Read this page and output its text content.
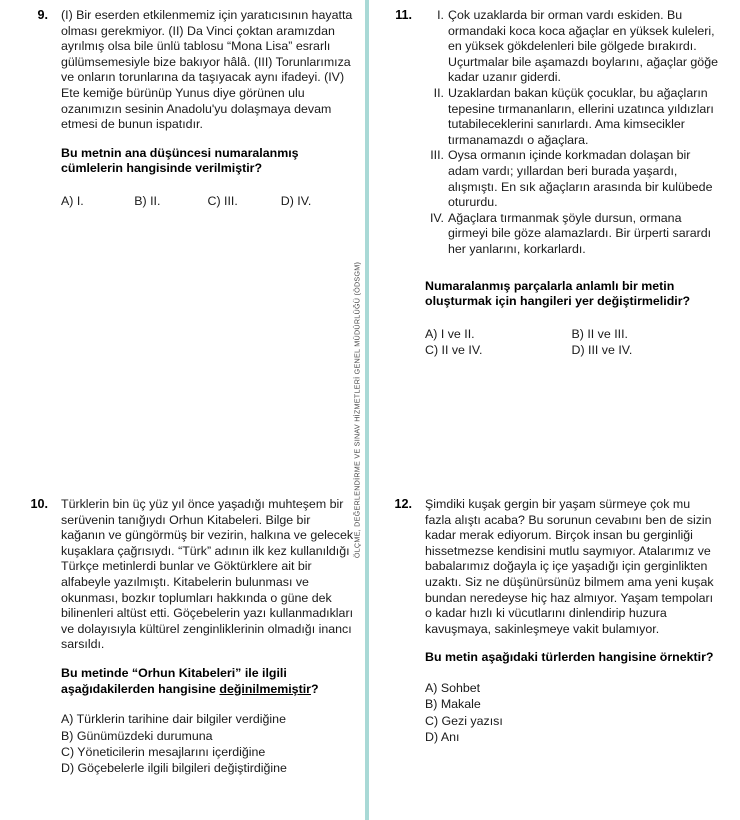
ÖLÇME, DEĞERLENDİRME VE SINAV HİZMETLERİ GENEL MÜDÜRLÜĞÜ (ÖDSGM)
9. (I) Bir eserden etkilenmemiz için yaratıcısının hayatta olması gerekmiyor. (II) Da Vinci çoktan aramızdan ayrılmış olsa bile ünlü tablosu “Mona Lisa” esrarlı gülümsemesiyle bize bakıyor hâlâ. (III) Torunlarımıza ve onların torunlarına da taşıyacak aynı ifadeyi. (IV) Ete kemiğe bürünüp Yunus diye görünen ulu ozanımızın sesinin Anadolu'yu dolaşmaya devam etmesi de bunun ispatıdır.
Bu metnin ana düşüncesi numaralanmış cümlelerin hangisinde verilmiştir?
A) I.	B) II.	C) III.	D) IV.
10. Türklerin bin üç yüz yıl önce yaşadığı muhteşem bir serüvenin tanığıydı Orhun Kitabeleri. Bilge bir kağanın ve güngörmüş bir vezirin, halkına ve gelecek kuşaklara çağrısıydı. “Türk” adının ilk kez kullanıldığı Türkçe metinlerdi bunlar ve Göktürklere ait bir alfabeyle yazılmıştı. Kitabelerin bulunması ve okunması, bozkır toplumları hakkında o güne dek bilinenleri altüst etti. Göçebelerin yazı kullanmadıkları ve dolayısıyla kültürel zenginliklerinin olmadığı inancı sarsıldı.
Bu metinde “Orhun Kitabeleri” ile ilgili aşağıdakilerden hangisine değinilmemiştir?
A) Türklerin tarihine dair bilgiler verdiğine
B) Günümüzdeki durumuna
C) Yöneticilerin mesajlarını içerdiğine
D) Göçebelerle ilgili bilgileri değiştirdiğine
11.	I. Çok uzaklarda bir orman vardı eskiden. Bu ormandaki koca koca ağaçlar en yüksek kuleleri, en yüksek gökdelenleri bile gölgede bırakırdı. Uçurtmalar bile aşamazdı boylarını, ağaçlar göğe kadar uzanır giderdi.
II. Uzaklardan bakan küçük çocuklar, bu ağaçların tepesine tırmananların, ellerini uzatınca yıldızları tutabileceklerini sanırlardı. Ama kimsecikler tırmanamazdı o ağaçlara.
III. Oysa ormanın içinde korkmadan dolaşan bir adam vardı; yıllardan beri burada yaşardı, alışmıştı. En sık ağaçların arasında bir kulübede otururdu.
IV. Ağaçlara tırmanmak şöyle dursun, ormana girmeyi bile göze alamazlardı. Bir ürperti sarardı her yanlarını, korkarlardı.
Numaralanmış parçalarla anlamlı bir metin oluşturmak için hangileri yer değiştirmelidir?
A) I ve II.	B) II ve III.
C) II ve IV.	D) III ve IV.
12. Şimdiki kuşak gergin bir yaşam sürmeye çok mu fazla alıştı acaba? Bu sorunun cevabını ben de sizin kadar merak ediyorum. Birçok insan bu gerginliği hissetmezse kendisini mutlu saymıyor. Atalarımız ve babalarımız doğayla iç içe yaşadığı için gerginlikten uzaktı. Siz ne düşünürsünüz bilmem ama yeni kuşak bundan neredeyse hiç haz almıyor. Yaşam tempoları o kadar hızlı ki vücutlarını dinlendirip huzura kavuşmaya, sakinleşmeye vakit bulamıyor.
Bu metin aşağıdaki türlerden hangisine örnektir?
A) Sohbet
B) Makale
C) Gezi yazısı
D) Anı
